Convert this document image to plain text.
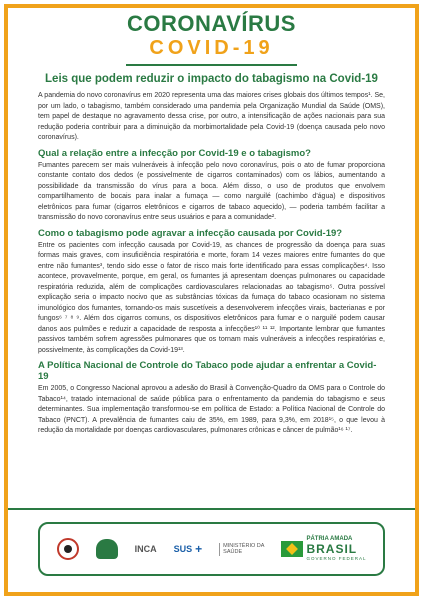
CORONAVÍRUS
COVID-19
Leis que podem reduzir o impacto do tabagismo na Covid-19

A pandemia do novo coronavírus em 2020 representa uma das maiores crises globais dos últimos tempos¹. Se, por um lado, o tabagismo, também considerado uma pandemia pela Organização Mundial da Saúde (OMS), tem papel de destaque no agravamento dessa crise, por outro, a intensificação de ações nacionais para sua redução poderia contribuir para a diminuição da morbimortalidade pela Covid-19 (doença causada pelo novo coronavírus).

Qual a relação entre a infecção por Covid-19 e o tabagismo?

Fumantes parecem ser mais vulneráveis à infecção pelo novo coronavírus, pois o ato de fumar proporciona constante contato dos dedos (e possivelmente de cigarros contaminados) com os lábios, aumentando a possibilidade da transmissão do vírus para a boca. Além disso, o uso de produtos que envolvem compartilhamento de bocais para inalar a fumaça — como narguilé (cachimbo d'água) e dispositivos eletrônicos para fumar (cigarros eletrônicos e cigarros de tabaco aquecido), — poderia também facilitar a transmissão do novo coronavírus entre seus usuários e para a comunidade².

Como o tabagismo pode agravar a infecção causada por Covid-19?

Entre os pacientes com infecção causada por Covid-19, as chances de progressão da doença para suas formas mais graves, com insuficiência respiratória e morte, foram 14 vezes maiores entre fumantes do que entre não fumantes³, tendo sido esse o fator de risco mais forte identificado para essas complicações⁴. Isso acontece, provavelmente, porque, em geral, os fumantes já apresentam doenças pulmonares ou capacidade respiratória reduzida, além de complicações cardiovasculares relacionadas ao tabagismo⁵. Outra possível explicação seria o impacto nocivo que as substâncias tóxicas da fumaça do tabaco ocasionam no sistema imunológico dos fumantes, tornando-os mais suscetíveis a desenvolverem infecções virais, bacterianas e por fungos⁶ ⁷ ⁸ ⁹. Além dos cigarros comuns, os dispositivos eletrônicos para fumar e o narguilé podem causar danos aos pulmões e reduzir a capacidade de resposta a infecções¹⁰ ¹¹ ¹². Importante lembrar que fumantes passivos também sofrem agressões pulmonares que os tornam mais vulneráveis a infecções respiratórias e, possivelmente, às complicações da Covid-19¹³.

A Política Nacional de Controle do Tabaco pode ajudar a enfrentar a Covid-19

Em 2005, o Congresso Nacional aprovou a adesão do Brasil à Convenção-Quadro da OMS para o Controle do Tabaco¹⁴, tratado internacional de saúde pública para o enfrentamento da pandemia do tabagismo e seus determinantes. Sua implementação transformou-se em política de Estado: a Política Nacional de Controle do Tabaco (PNCT). A prevalência de fumantes caiu de 35%, em 1989, para 9,3%, em 2018¹⁵, o que levou à redução da mortalidade por doenças cardiovasculares, pulmonares crônicas e câncer de pulmão¹⁶ ¹⁷.

INCA SUS +	MINISTÉRIO DA
SAÚDE
PÁTRIA AMADA
BRASIL
GOVERNO FEDERAL
